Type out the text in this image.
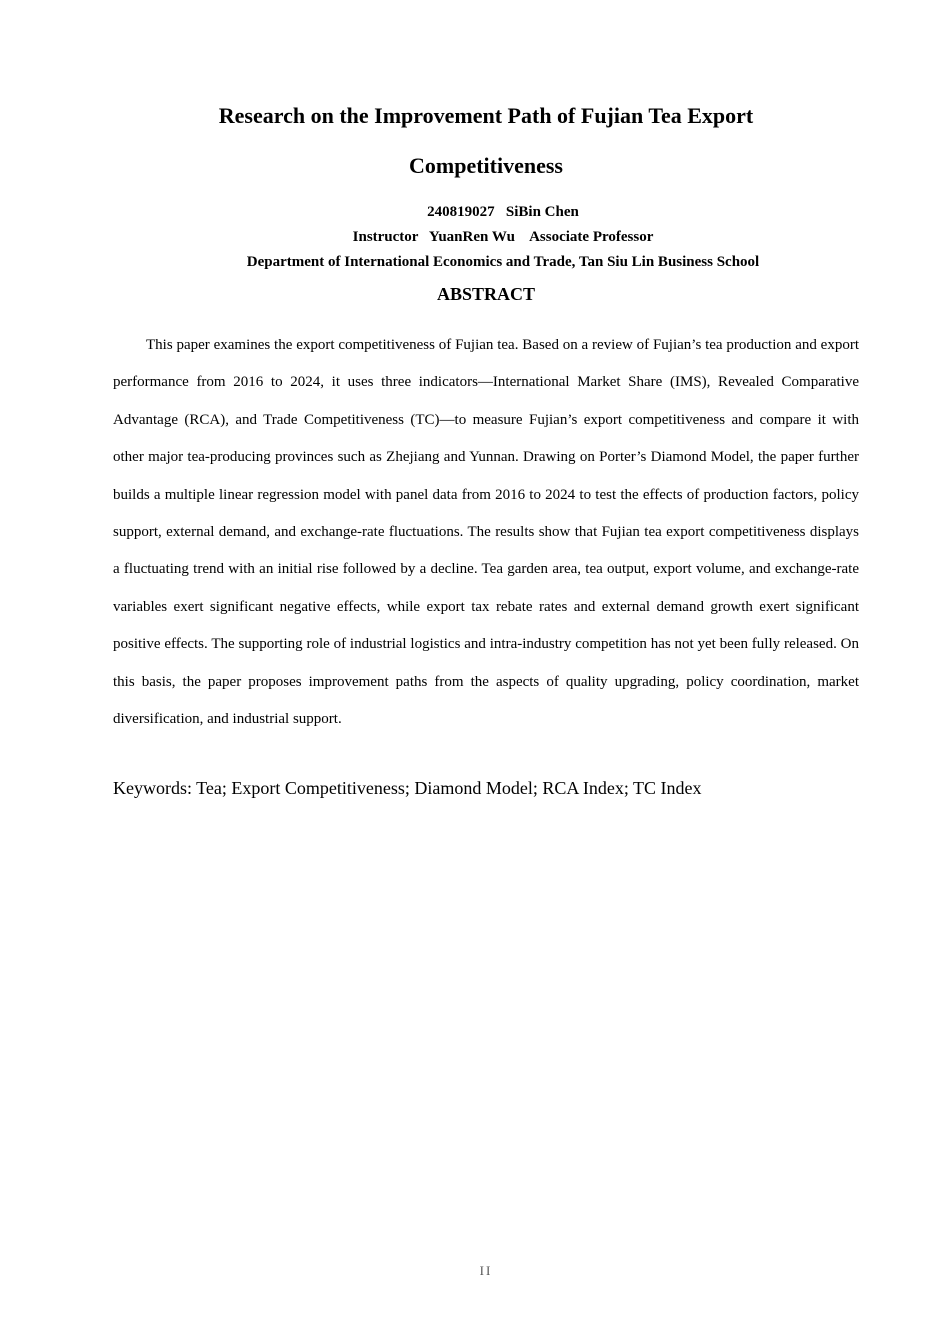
Research on the Improvement Path of Fujian Tea Export
Competitiveness

240819027   SiBin Chen

Instructor   YuanRen Wu    Associate Professor

Department of International Economics and Trade, Tan Siu Lin Business School

ABSTRACT

This paper examines the export competitiveness of Fujian tea. Based on a review of Fujian’s tea production and export performance from 2016 to 2024, it uses three indicators—International Market Share (IMS), Revealed Comparative Advantage (RCA), and Trade Competitiveness (TC)—to measure Fujian’s export competitiveness and compare it with other major tea-producing provinces such as Zhejiang and Yunnan. Drawing on Porter’s Diamond Model, the paper further builds a multiple linear regression model with panel data from 2016 to 2024 to test the effects of production factors, policy support, external demand, and exchange-rate fluctuations. The results show that Fujian tea export competitiveness displays a fluctuating trend with an initial rise followed by a decline. Tea garden area, tea output, export volume, and exchange-rate variables exert significant negative effects, while export tax rebate rates and external demand growth exert significant positive effects. The supporting role of industrial logistics and intra-industry competition has not yet been fully released. On this basis, the paper proposes improvement paths from the aspects of quality upgrading, policy coordination, market diversification, and industrial support.

Keywords: Tea; Export Competitiveness; Diamond Model; RCA Index; TC Index

II
